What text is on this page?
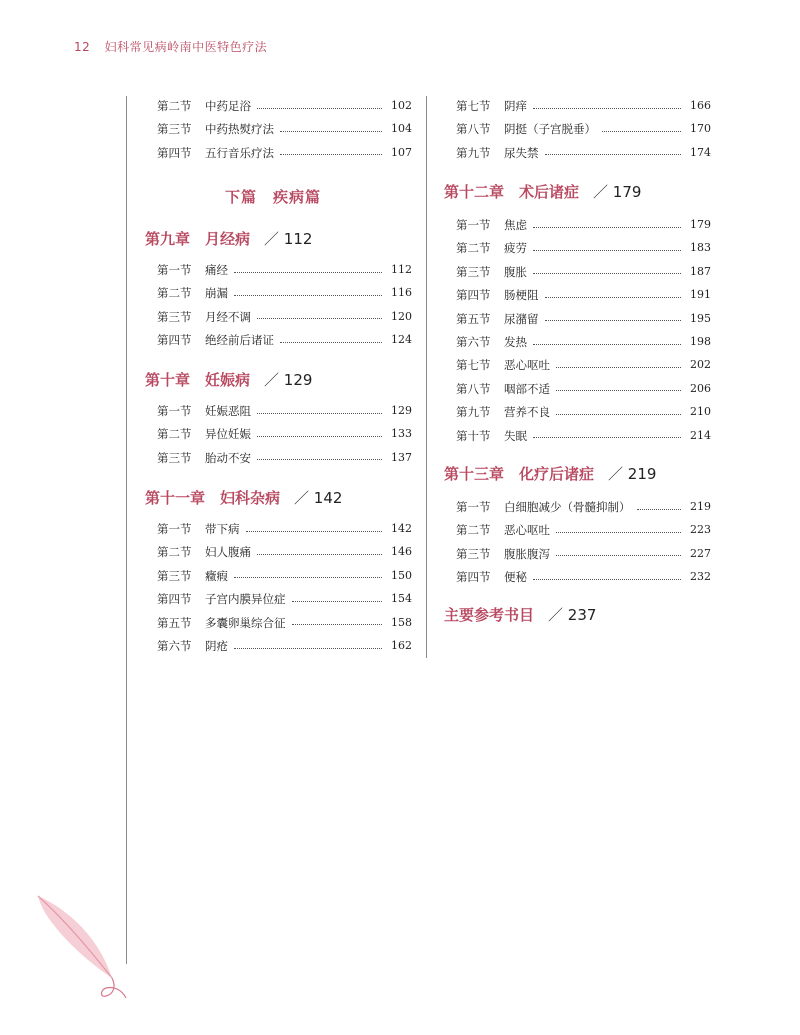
12 妇科常见病岭南中医特色疗法
第二节	中药足浴	102
第三节	中药热熨疗法	104
第四节	五行音乐疗法	107
下篇　疾病篇
第九章　月经病 ／ 112
第一节	痛经	112
第二节	崩漏	116
第三节	月经不调	120
第四节	绝经前后诸证	124
第十章　妊娠病 ／ 129
第一节	妊娠恶阻	129
第二节	异位妊娠	133
第三节	胎动不安	137
第十一章　妇科杂病 ／ 142
第一节	带下病	142
第二节	妇人腹痛	146
第三节	癥瘕	150
第四节	子宫内膜异位症	154
第五节	多囊卵巢综合征	158
第六节	阴疮	162
第七节	阴痒	166
第八节	阴挺（子宫脱垂）	170
第九节	尿失禁	174
第十二章　术后诸症 ／ 179
第一节	焦虑	179
第二节	疲劳	183
第三节	腹胀	187
第四节	肠梗阻	191
第五节	尿潴留	195
第六节	发热	198
第七节	恶心呕吐	202
第八节	咽部不适	206
第九节	营养不良	210
第十节	失眠	214
第十三章　化疗后诸症 ／ 219
第一节	白细胞减少（骨髓抑制）	219
第二节	恶心呕吐	223
第三节	腹胀腹泻	227
第四节	便秘	232
主要参考书目 ／ 237
